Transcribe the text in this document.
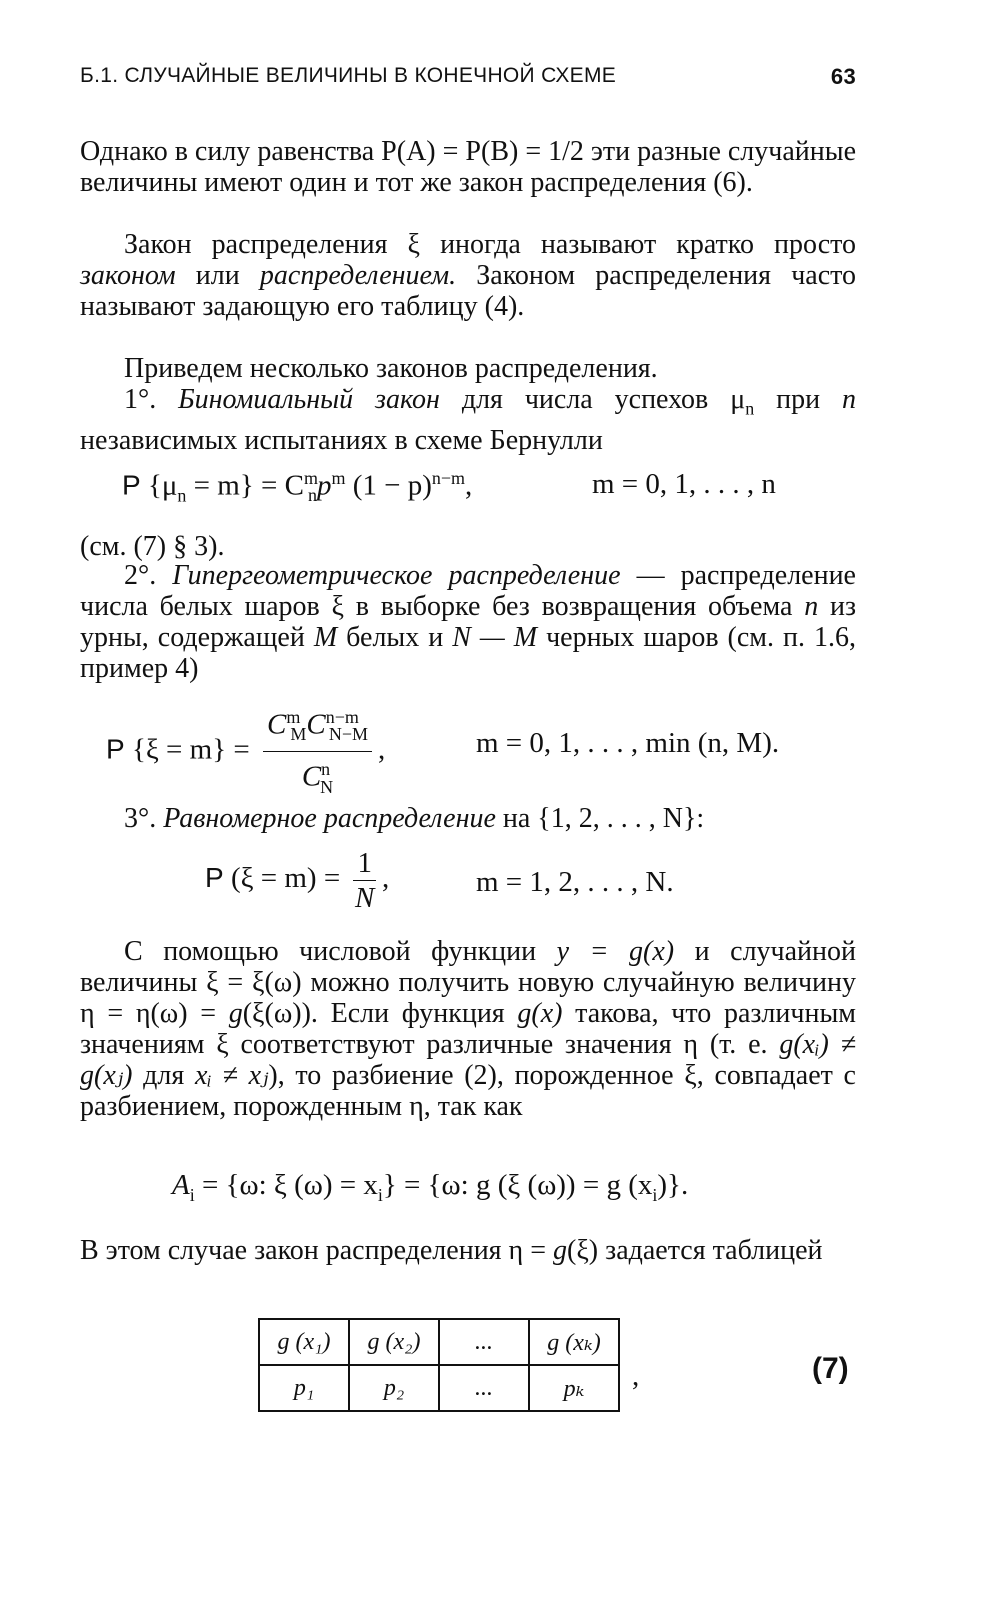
Б.1. СЛУЧАЙНЫЕ ВЕЛИЧИНЫ В КОНЕЧНОЙ СХЕМЕ	63
Однако в силу равенства P(A) = P(B) = 1/2 эти разные случайные величины имеют один и тот же закон распределения (6).
Закон распределения ξ иногда называют кратко просто законом или распределением. Законом распределения часто называют задающую его таблицу (4).
Приведем несколько законов распределения.
1°. Биномиальный закон для числа успехов $\mu_n$ при n независимых испытаниях в схеме Бернулли
P $\{\mu_n = m\} = C^m_np^m$ $(1 - p)^{n-m}$,	m = 0, 1, . . . , n
(см. (7) § 3).
2°. Гипергеометрическое распределение — распределение числа белых шаров ξ в выборке без возвращения объема n из урны, содержащей M белых и N — M черных шаров (см. п. 1.6, пример 4)
P $\{\xi = m\} = \frac{C^m_MC^{n-m}_{N-M}}{C^n_N}$ ,	m = 0, 1, . . . , min (n, M).
3°. Равномерное распределение на {1, 2, . . . , N}:
P $(\xi = m) = \frac{1}{N}$ ,	m = 1, 2, . . . , N.
С помощью числовой функции y = g(x) и случайной величины ξ = ξ(ω) можно получить новую случайную величину η = η(ω) = g(ξ(ω)). Если функция g(x) такова, что различным значениям ξ соответствуют различные значения η (т. е. g(xᵢ) ≠ g(xⱼ) для xᵢ ≠ xⱼ), то разбиение (2), порожденное ξ, совпадает с разбиением, порожденным η, так как
$A_i = \{\omega$: ξ $(\omega) = x_i\} = \{\omega$: g (ξ (ω)) = g $(x_i)$}.
В этом случае закон распределения η = g(ξ) задается таблицей
g (x₁)	g (x₂)	...	g (xₖ)
p₁	p₂	...	pₖ ,	(7)
